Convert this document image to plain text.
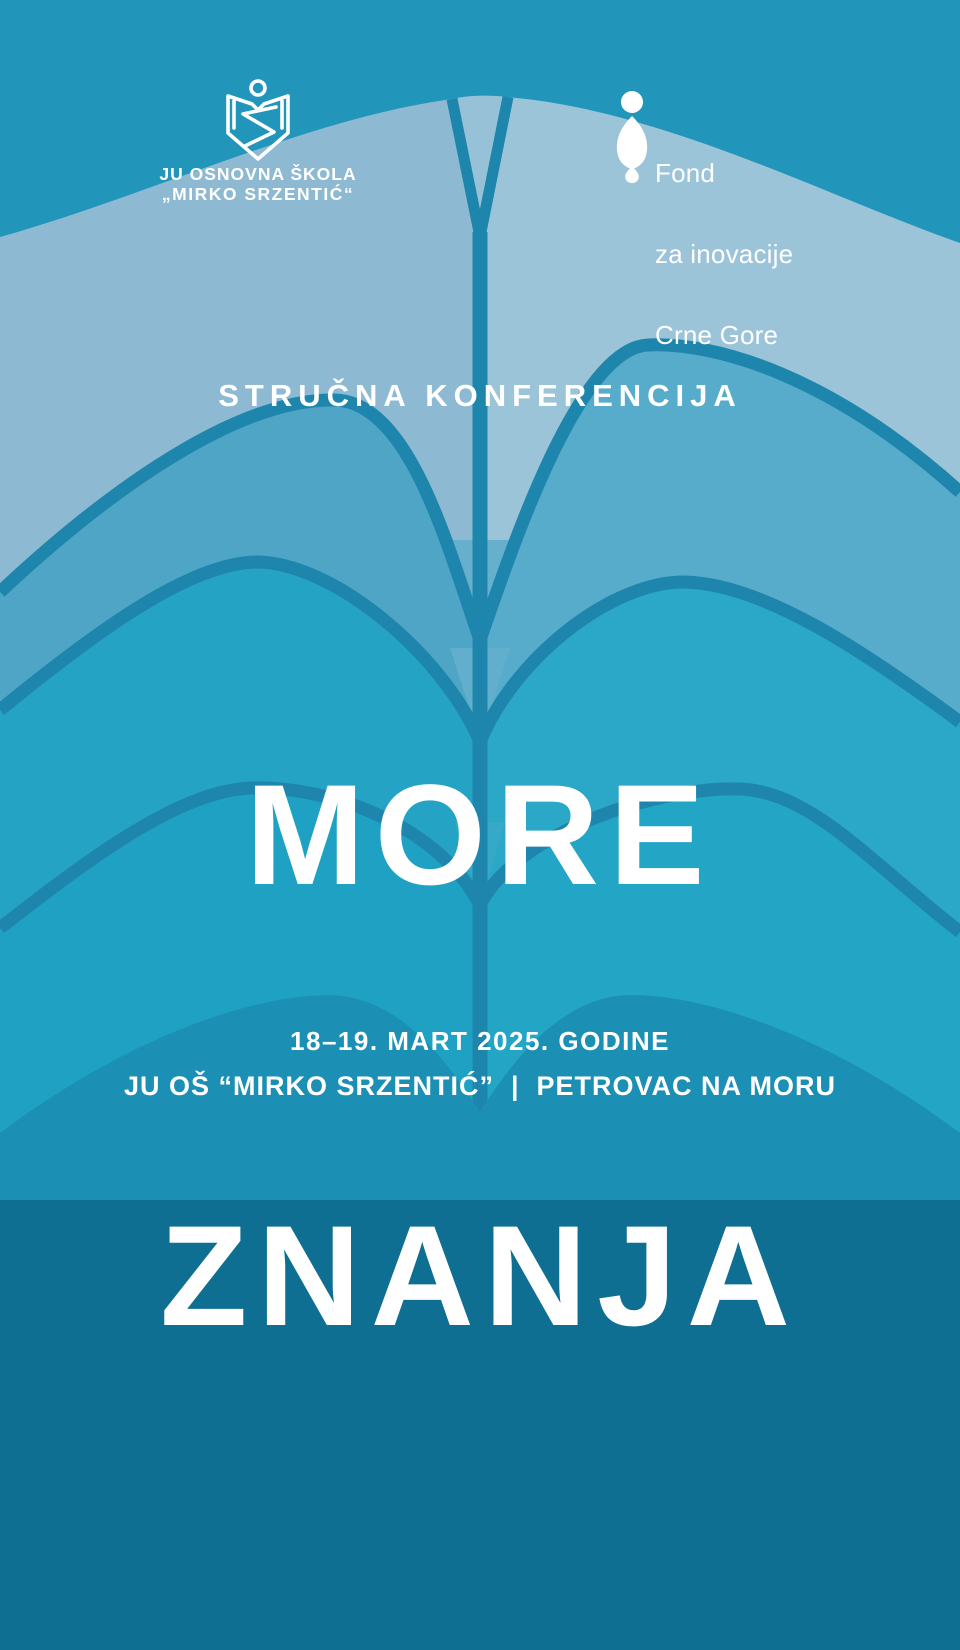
JU OSNOVNA ŠKOLA
„MIRKO SRZENTIĆ“

Fond

za inovacije

Crne Gore

STRUČNA KONFERENCIJA

MORE

ZNANJA

18–19. MART 2025. GODINE
JU OŠ “MIRKO SRZENTIĆ”  |  PETROVAC NA MORU
